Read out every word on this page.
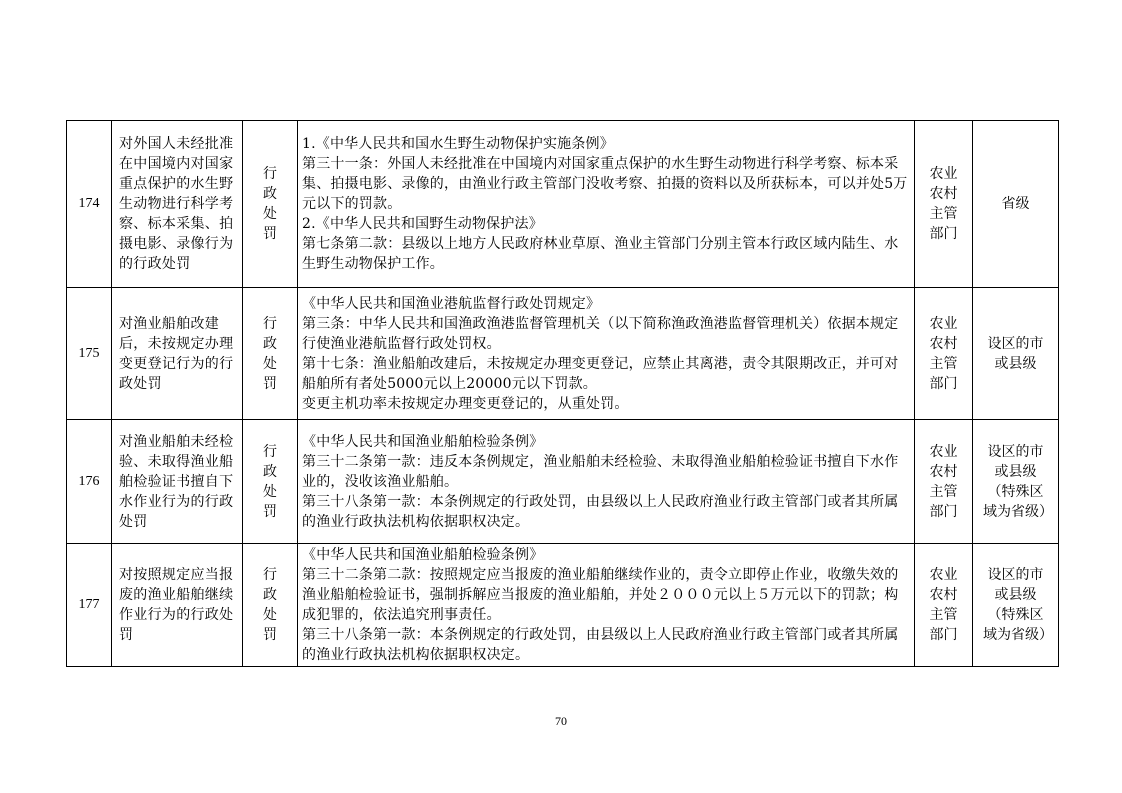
174	对外国人未经批准在中国境内对国家重点保护的水生野生动物进行科学考察、标本采集、拍摄电影、录像行为的行政处罚	行政处罚	1.《中华人民共和国水生野生动物保护实施条例》
第三十一条：外国人未经批准在中国境内对国家重点保护的水生野生动物进行科学考察、标本采集、拍摄电影、录像的，由渔业行政主管部门没收考察、拍摄的资料以及所获标本，可以并处5万元以下的罚款。
2.《中华人民共和国野生动物保护法》
第七条第二款：县级以上地方人民政府林业草原、渔业主管部门分别主管本行政区域内陆生、水生野生动物保护工作。	农业农村主管部门	省级
175	对渔业船舶改建后，未按规定办理变更登记行为的行政处罚	行政处罚	《中华人民共和国渔业港航监督行政处罚规定》
第三条：中华人民共和国渔政渔港监督管理机关（以下简称渔政渔港监督管理机关）依据本规定行使渔业港航监督行政处罚权。
第十七条：渔业船舶改建后，未按规定办理变更登记，应禁止其离港，责令其限期改正，并可对船舶所有者处5000元以上20000元以下罚款。
变更主机功率未按规定办理变更登记的，从重处罚。	农业农村主管部门	设区的市或县级
176	对渔业船舶未经检验、未取得渔业船舶检验证书擅自下水作业行为的行政处罚	行政处罚	《中华人民共和国渔业船舶检验条例》
第三十二条第一款：违反本条例规定，渔业船舶未经检验、未取得渔业船舶检验证书擅自下水作业的，没收该渔业船舶。
第三十八条第一款：本条例规定的行政处罚，由县级以上人民政府渔业行政主管部门或者其所属的渔业行政执法机构依据职权决定。	农业农村主管部门	设区的市或县级（特殊区域为省级）
177	对按照规定应当报废的渔业船舶继续作业行为的行政处罚	行政处罚	《中华人民共和国渔业船舶检验条例》
第三十二条第二款：按照规定应当报废的渔业船舶继续作业的，责令立即停止作业，收缴失效的渔业船舶检验证书，强制拆解应当报废的渔业船舶，并处２０００元以上５万元以下的罚款；构成犯罪的，依法追究刑事责任。
第三十八条第一款：本条例规定的行政处罚，由县级以上人民政府渔业行政主管部门或者其所属的渔业行政执法机构依据职权决定。	农业农村主管部门	设区的市或县级（特殊区域为省级）
70
